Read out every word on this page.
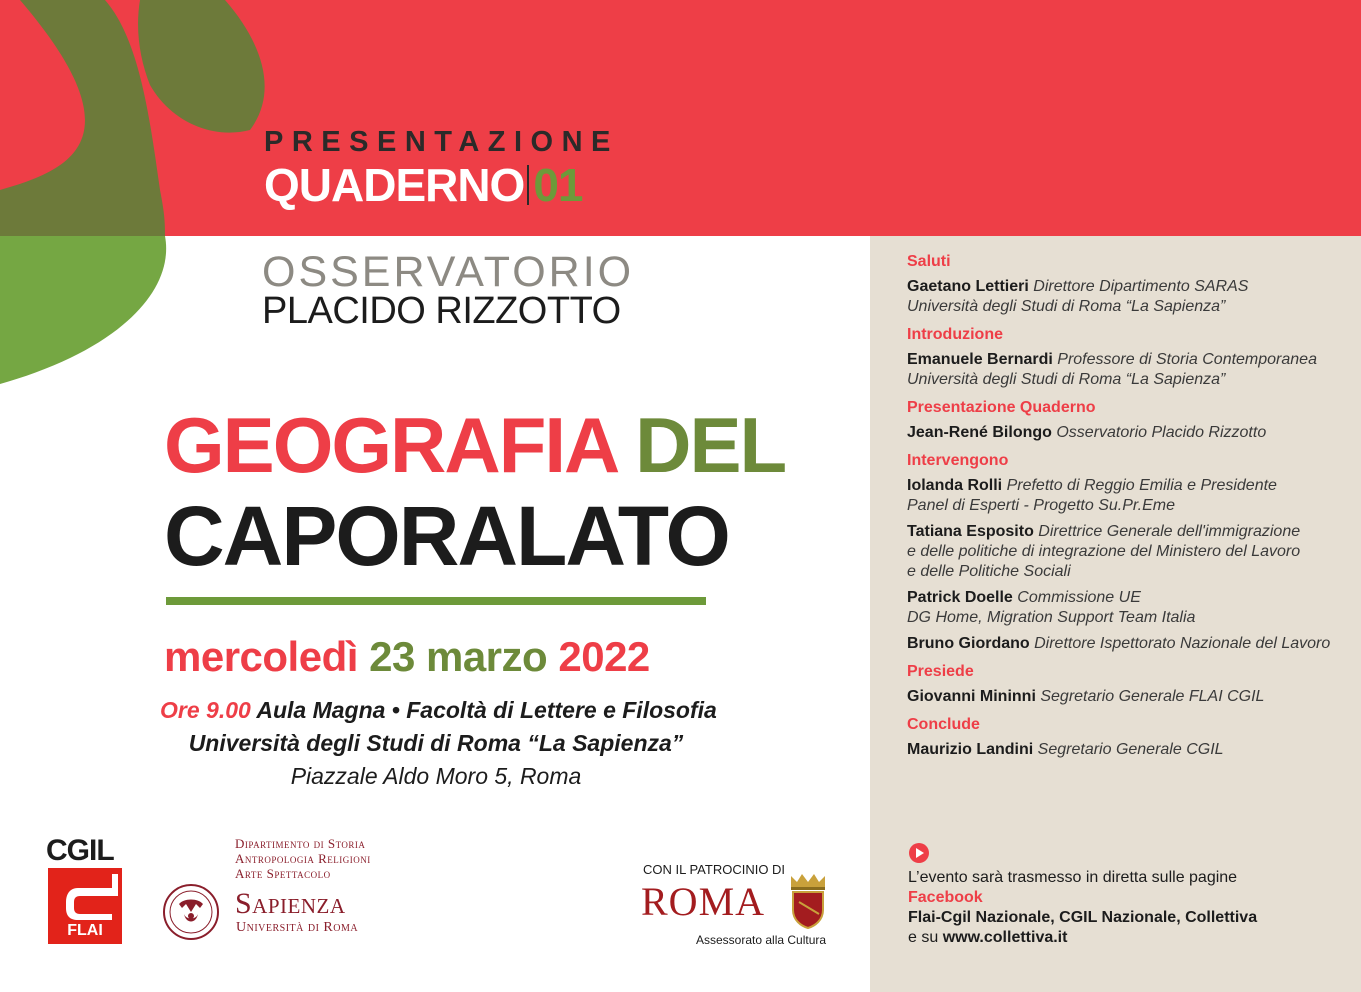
PRESENTAZIONE
QUADERNO 01
OSSERVATORIO
PLACIDO RIZZOTTO
GEOGRAFIA DEL
CAPORALATO
mercoledì 23 marzo 2022
Ore 9.00 Aula Magna • Facoltà di Lettere e Filosofia
Università degli Studi di Roma “La Sapienza”
Piazzale Aldo Moro 5, Roma
CGIL
FLAI
Dipartimento di Storia
Antropologia Religioni
Arte Spettacolo
Sapienza
Università di Roma
CON IL PATROCINIO DI
ROMA
Assessorato alla Cultura
Saluti
Gaetano Lettieri Direttore Dipartimento SARAS
Università degli Studi di Roma “La Sapienza”
Introduzione
Emanuele Bernardi Professore di Storia Contemporanea
Università degli Studi di Roma “La Sapienza”
Presentazione Quaderno
Jean-René Bilongo Osservatorio Placido Rizzotto
Intervengono
Iolanda Rolli Prefetto di Reggio Emilia e Presidente
Panel di Esperti - Progetto Su.Pr.Eme
Tatiana Esposito Direttrice Generale dell'immigrazione
e delle politiche di integrazione del Ministero del Lavoro
e delle Politiche Sociali
Patrick Doelle Commissione UE
DG Home, Migration Support Team Italia
Bruno Giordano Direttore Ispettorato Nazionale del Lavoro
Presiede
Giovanni Mininni Segretario Generale FLAI CGIL
Conclude
Maurizio Landini Segretario Generale CGIL
L’evento sarà trasmesso in diretta sulle pagine
Facebook
Flai-Cgil Nazionale, CGIL Nazionale, Collettiva
e su www.collettiva.it
